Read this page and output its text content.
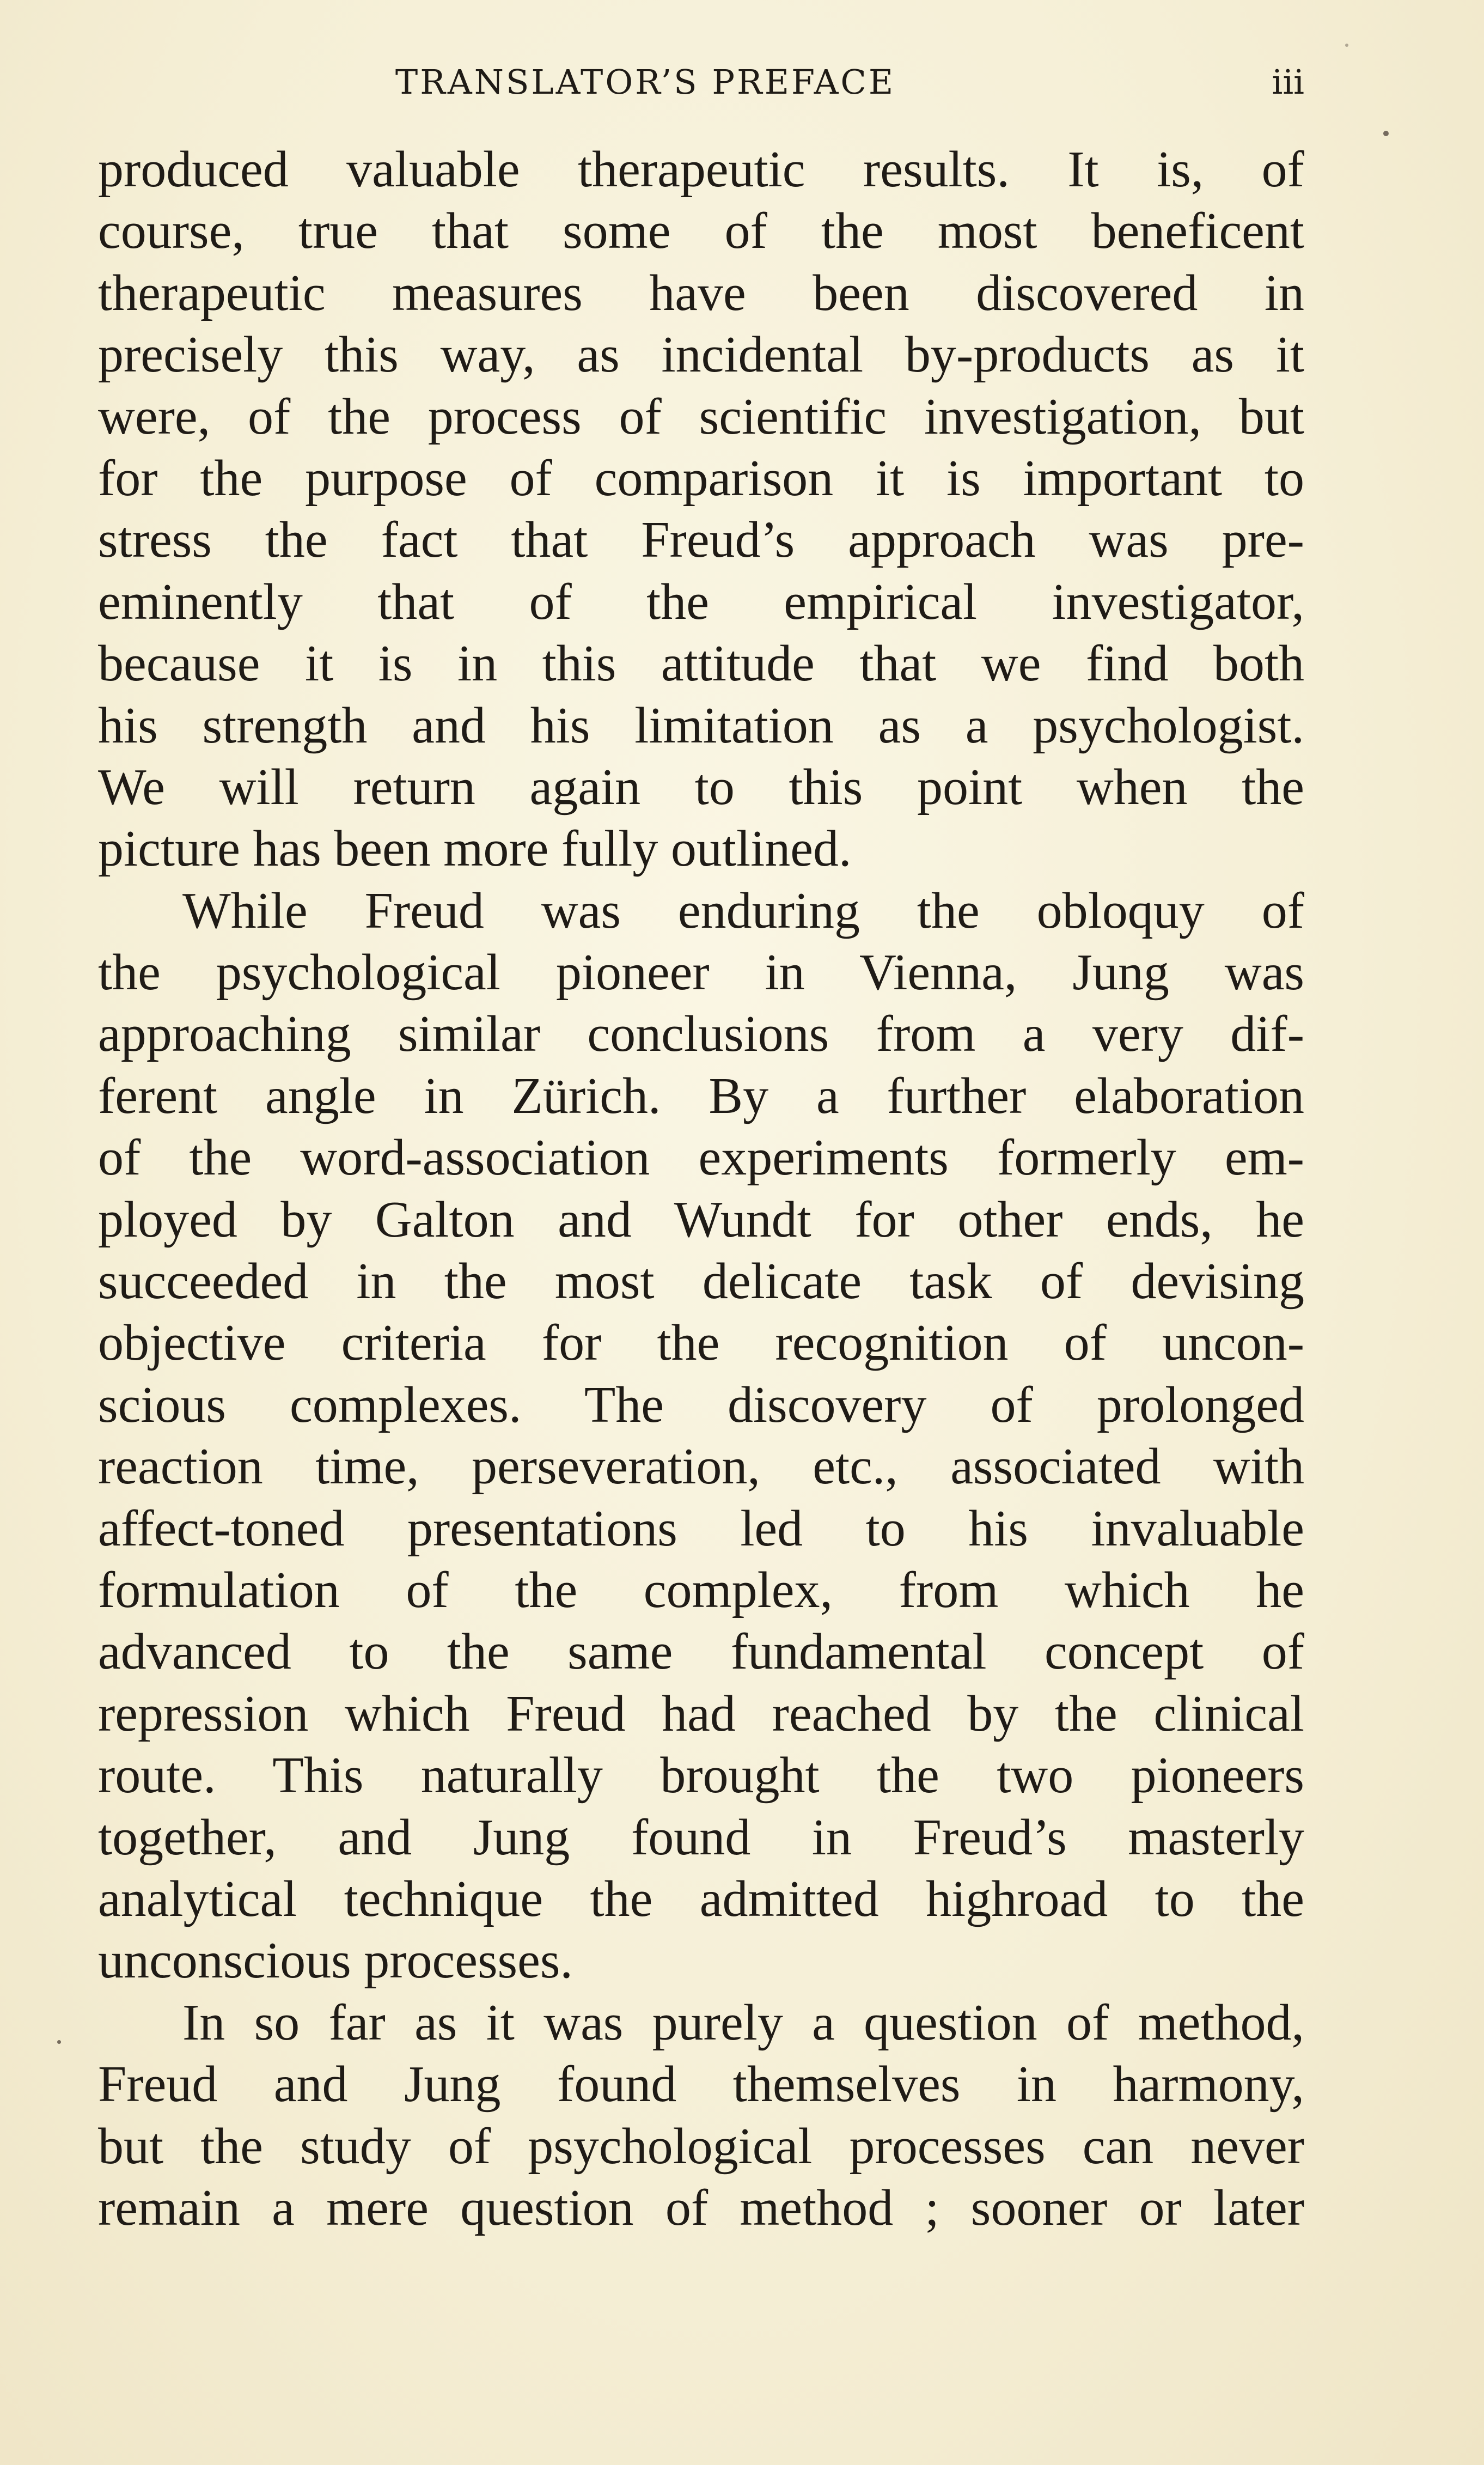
TRANSLATOR’S PREFACE	iii
produced valuable therapeutic results. It is, of
course, true that some of the most beneficent
therapeutic measures have been discovered in
precisely this way, as incidental by-products as it
were, of the process of scientific investigation, but
for the purpose of comparison it is important to
stress the fact that Freud’s approach was pre-
eminently that of the empirical investigator,
because it is in this attitude that we find both
his strength and his limitation as a psychologist.
We will return again to this point when the
picture has been more fully outlined.
While Freud was enduring the obloquy of
the psychological pioneer in Vienna, Jung was
approaching similar conclusions from a very dif-
ferent angle in Zürich. By a further elaboration
of the word-association experiments formerly em-
ployed by Galton and Wundt for other ends, he
succeeded in the most delicate task of devising
objective criteria for the recognition of uncon-
scious complexes. The discovery of prolonged
reaction time, perseveration, etc., associated with
affect-toned presentations led to his invaluable
formulation of the complex, from which he
advanced to the same fundamental concept of
repression which Freud had reached by the clinical
route. This naturally brought the two pioneers
together, and Jung found in Freud’s masterly
analytical technique the admitted highroad to the
unconscious processes.
In so far as it was purely a question of method,
Freud and Jung found themselves in harmony,
but the study of psychological processes can never
remain a mere question of method ; sooner or later
